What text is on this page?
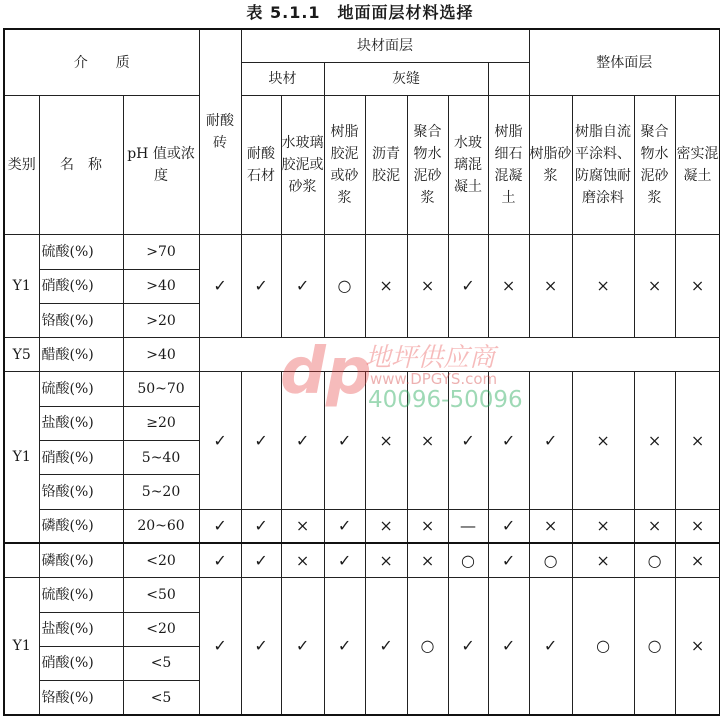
表 5.1.1　地面面层材料选择
介　　质			耐酸砖	块材面层							整体面层			
				块材		灰缝								
类别	名　称	pH 值或浓度		耐酸石材	水玻璃胶泥或砂浆	树脂胶泥或砂浆	沥青胶泥	聚合物水泥砂浆	水玻璃混凝土	树脂细石混凝土	树脂砂浆	树脂自流平涂料、防腐蚀耐磨涂料	聚合物水泥砂浆	密实混凝土
Y1	硫酸(%)	>70	✓	✓	✓	○	×	×	✓	×	×	×	×	×
	硝酸(%)	>40												
	铬酸(%)	>20												
Y5	醋酸(%)	>40												
Y1	硫酸(%)	50~70	✓	✓	✓	✓	×	×	✓	✓	✓	×	×	×
	盐酸(%)	≥20												
	硝酸(%)	5~40												
	铬酸(%)	5~20												
	磷酸(%)	20~60	✓	✓	×	✓	×	×	—	✓	×	×	×	×
	磷酸(%)	<20	✓	✓	×	✓	×	×	○	✓	○	×	○	×
Y1	硫酸(%)	<50	✓	✓	✓	✓	✓	○	✓	✓	✓	○	○	×
	盐酸(%)	<20												
	硝酸(%)	<5												
	铬酸(%)	<5												
dp
地坪供应商
www.DPGYS.com
40096-50096
